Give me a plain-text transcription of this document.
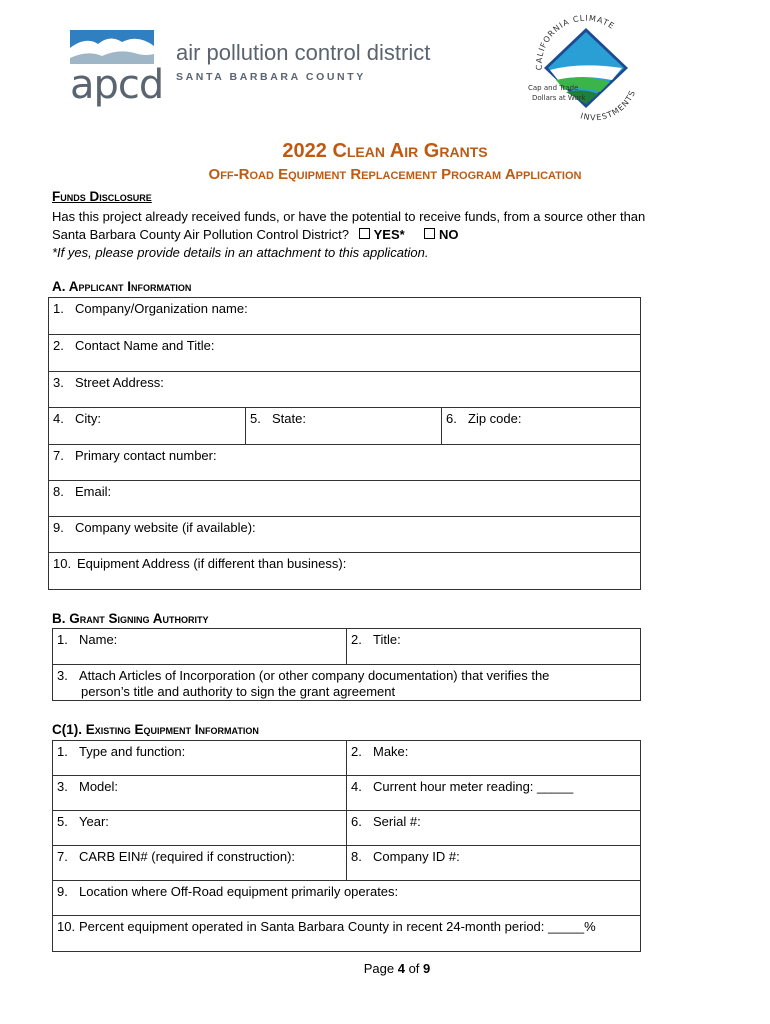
apcd
air pollution control district
SANTA BARBARA COUNTY
CALIFORNIA CLIMATE
INVESTMENTS
Cap and Trade
Dollars at Work
2022 Clean Air Grants
Off-Road Equipment Replacement Program Application
Funds Disclosure
Has this project already received funds, or have the potential to receive funds, from a source other than
Santa Barbara County Air Pollution Control District? YES*	NO
*If yes, please provide details in an attachment to this application.
A. Applicant Information
1. Company/Organization name:
2. Contact Name and Title:
3. Street Address:
4. City:	5. State:	6. Zip code:
7. Primary contact number:
8. Email:
9. Company website (if available):
10. Equipment Address (if different than business):
B. Grant Signing Authority
1. Name:	2. Title:
3. Attach Articles of Incorporation (or other company documentation) that verifies the
person’s title and authority to sign the grant agreement
C(1). Existing Equipment Information
1. Type and function:	2. Make:
3. Model:	4. Current hour meter reading: _____
5. Year:	6. Serial #:
7. CARB EIN# (required if construction):	8. Company ID #:
9. Location where Off-Road equipment primarily operates:	
10. Percent equipment operated in Santa Barbara County in recent 24-month period: _____%	
Page 4 of 9
